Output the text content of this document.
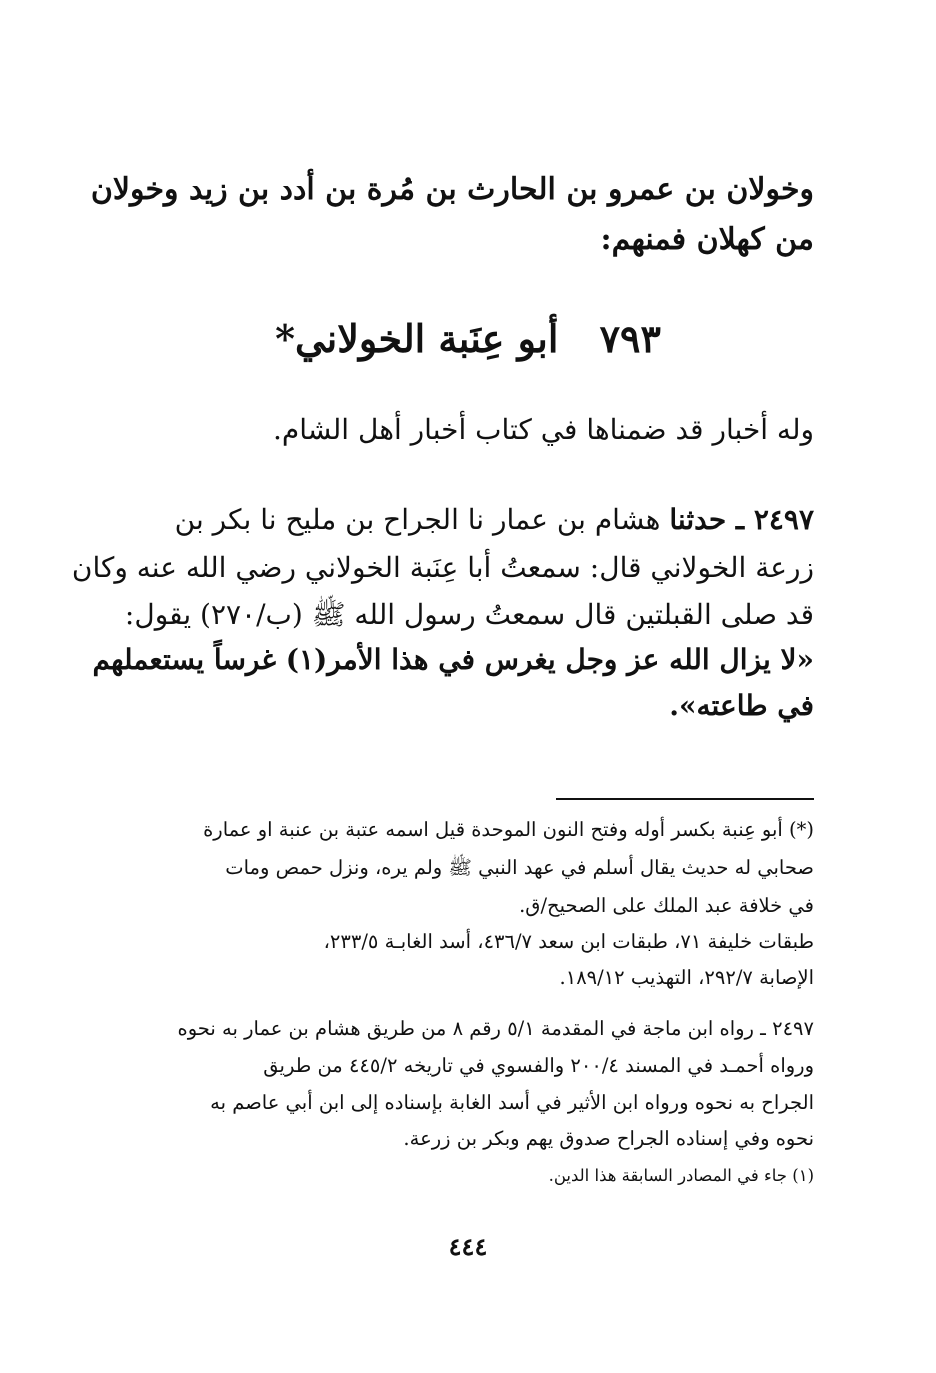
وخولان بن عمرو بن الحارث بن مُرة بن أدد بن زيد وخولان
من كهلان فمنهم:
٧٩٣ أبو عِنَبة الخولاني*
وله أخبار قد ضمناها في كتاب أخبار أهل الشام.
٢٤٩٧ ـ حدثنا هشام بن عمار نا الجراح بن مليح نا بكر بن
زرعة الخولاني قال: سمعتُ أبا عِنَبة الخولاني رضي الله عنه وكان
قد صلى القبلتين قال سمعتُ رسول الله ﷺ (ب/٢٧٠) يقول:
«لا يزال الله عز وجل يغرس في هذا الأمر(١) غرساً يستعملهم
في طاعته».
(*) أبو عِنبة بكسر أوله وفتح النون الموحدة قيل اسمه عتبة بن عنبة او عمارة
صحابي له حديث يقال أسلم في عهد النبي ﷺ ولم يره، ونزل حمص ومات
في خلافة عبد الملك على الصحيح/ق.
طبقات خليفة ٧١، طبقات ابن سعد ٤٣٦/٧، أسد الغابـة ٢٣٣/٥،
الإصابة ٢٩٢/٧، التهذيب ١٨٩/١٢.
٢٤٩٧ ـ رواه ابن ماجة في المقدمة ٥/١ رقم ٨ من طريق هشام بن عمار به نحوه
ورواه أحمـد في المسند ٢٠٠/٤ والفسوي في تاريخه ٤٤٥/٢ من طريق
الجراح به نحوه ورواه ابن الأثير في أسد الغابة بإسناده إلى ابن أبي عاصم به
نحوه وفي إسناده الجراح صدوق يهم وبكر بن زرعة.
(١) جاء في المصادر السابقة هذا الدين.
٤٤٤
